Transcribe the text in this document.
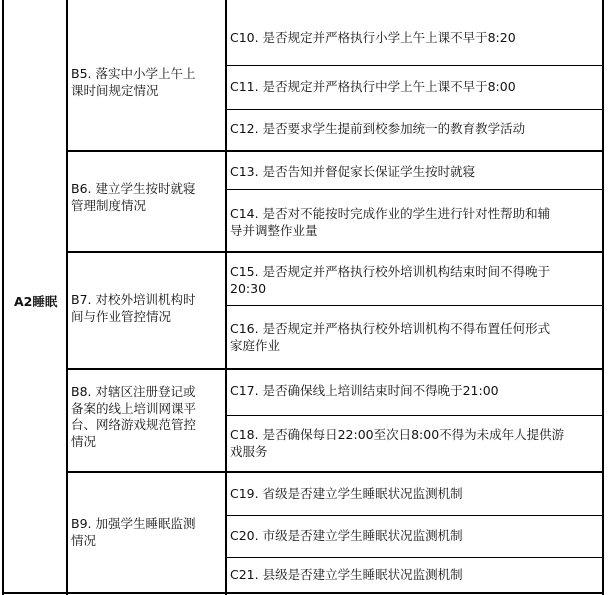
A2睡眠
B5. 落实中小学上午上
课时间规定情况
B6. 建立学生按时就寝
管理制度情况
B7. 对校外培训机构时
间与作业管控情况
B8. 对辖区注册登记或
备案的线上培训网课平
台、网络游戏规范管控
情况
B9. 加强学生睡眠监测
情况
C10. 是否规定并严格执行小学上午上课不早于8:20
C11. 是否规定并严格执行中学上午上课不早于8:00
C12. 是否要求学生提前到校参加统一的教育教学活动
C13. 是否告知并督促家长保证学生按时就寝
C14. 是否对不能按时完成作业的学生进行针对性帮助和辅
导并调整作业量
C15. 是否规定并严格执行校外培训机构结束时间不得晚于
20:30
C16. 是否规定并严格执行校外培训机构不得布置任何形式
家庭作业
C17. 是否确保线上培训结束时间不得晚于21:00
C18. 是否确保每日22:00至次日8:00不得为未成年人提供游
戏服务
C19. 省级是否建立学生睡眠状况监测机制
C20. 市级是否建立学生睡眠状况监测机制
C21. 县级是否建立学生睡眠状况监测机制
